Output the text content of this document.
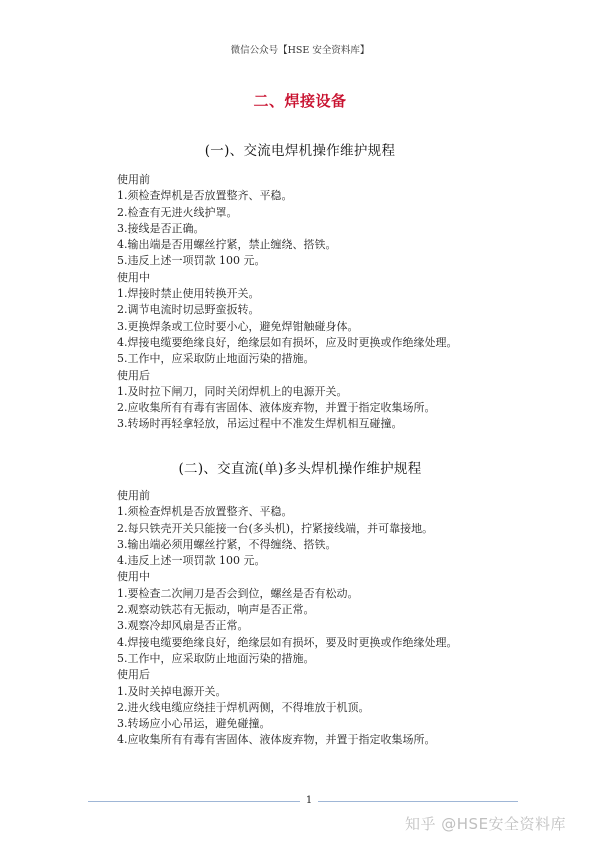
微信公众号【HSE 安全资料库】
二、焊接设备
(一)、交流电焊机操作维护规程
使用前
1.须检查焊机是否放置整齐、平稳。
2.检查有无进火线护罩。
3.接线是否正确。
4.输出端是否用螺丝拧紧，禁止缠绕、搭铁。
5.违反上述一项罚款 100 元。
使用中
1.焊接时禁止使用转换开关。
2.调节电流时切忌野蛮扳转。
3.更换焊条或工位时要小心，避免焊钳触碰身体。
4.焊接电缆要绝缘良好，绝缘层如有损坏，应及时更换或作绝缘处理。
5.工作中，应采取防止地面污染的措施。
使用后
1.及时拉下闸刀，同时关闭焊机上的电源开关。
2.应收集所有有毒有害固体、液体废弃物，并置于指定收集场所。
3.转场时再轻拿轻放，吊运过程中不准发生焊机相互碰撞。
(二)、交直流(单)多头焊机操作维护规程
使用前
1.须检查焊机是否放置整齐、平稳。
2.每只铁壳开关只能接一台(多头机)，拧紧接线端，并可靠接地。
3.输出端必须用螺丝拧紧，不得缠绕、搭铁。
4.违反上述一项罚款 100 元。
使用中
1.要检查二次闸刀是否会到位，螺丝是否有松动。
2.观察动铁芯有无振动，响声是否正常。
3.观察冷却风扇是否正常。
4.焊接电缆要绝缘良好，绝缘层如有损坏，要及时更换或作绝缘处理。
5.工作中，应采取防止地面污染的措施。
使用后
1.及时关掉电源开关。
2.进火线电缆应绕挂于焊机两侧，不得堆放于机顶。
3.转场应小心吊运，避免碰撞。
4.应收集所有有毒有害固体、液体废弃物，并置于指定收集场所。
1
知乎 @HSE安全资料库
